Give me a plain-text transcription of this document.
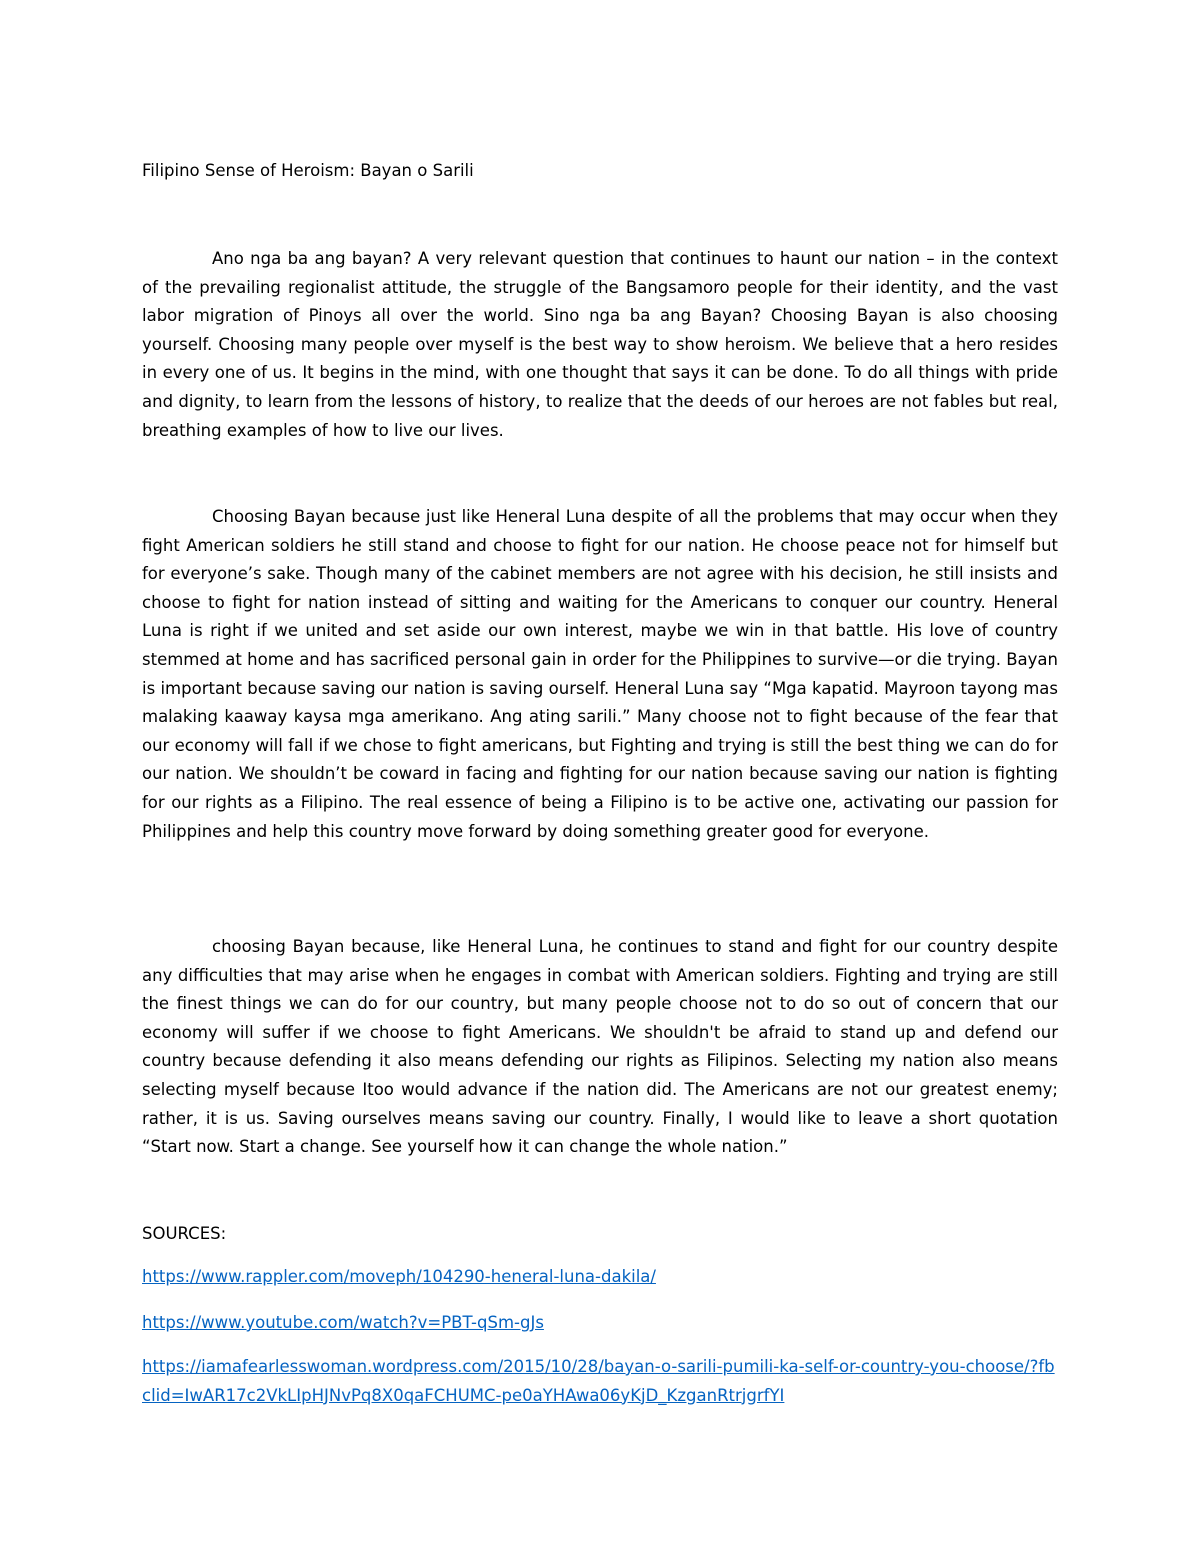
Filipino Sense of Heroism: Bayan o Sarili

Ano nga ba ang bayan? A very relevant question that continues to haunt our nation – in the context of the prevailing regionalist attitude, the struggle of the Bangsamoro people for their identity, and the vast labor migration of Pinoys all over the world. Sino nga ba ang Bayan? Choosing Bayan is also choosing yourself. Choosing many people over myself is the best way to show heroism. We believe that a hero resides in every one of us. It begins in the mind, with one thought that says it can be done. To do all things with pride and dignity, to learn from the lessons of history, to realize that the deeds of our heroes are not fables but real, breathing examples of how to live our lives.

Choosing Bayan because just like Heneral Luna despite of all the problems that may occur when they fight American soldiers he still stand and choose to fight for our nation. He choose peace not for himself but for everyone’s sake. Though many of the cabinet members are not agree with his decision, he still insists and choose to fight for nation instead of sitting and waiting for the Americans to conquer our country. Heneral Luna is right if we united and set aside our own interest, maybe we win in that battle. His love of country stemmed at home and has sacrificed personal gain in order for the Philippines to survive—or die trying. Bayan is important because saving our nation is saving ourself. Heneral Luna say “Mga kapatid. Mayroon tayong mas malaking kaaway kaysa mga amerikano. Ang ating sarili.” Many choose not to fight because of the fear that our economy will fall if we chose to fight americans, but Fighting and trying is still the best thing we can do for our nation. We shouldn’t be coward in facing and fighting for our nation because saving our nation is fighting for our rights as a Filipino. The real essence of being a Filipino is to be active one, activating our passion for Philippines and help this country move forward by doing something greater good for everyone.

choosing Bayan because, like Heneral Luna, he continues to stand and fight for our country despite any difficulties that may arise when he engages in combat with American soldiers. Fighting and trying are still the finest things we can do for our country, but many people choose not to do so out of concern that our economy will suffer if we choose to fight Americans. We shouldn't be afraid to stand up and defend our country because defending it also means defending our rights as Filipinos. Selecting my nation also means selecting myself because Itoo would advance if the nation did. The Americans are not our greatest enemy; rather, it is us. Saving ourselves means saving our country. Finally, I would like to leave a short quotation “Start now. Start a change. See yourself how it can change the whole nation.”

SOURCES:
https://www.rappler.com/moveph/104290-heneral-luna-dakila/
https://www.youtube.com/watch?v=PBT-qSm-gJs
https://iamafearlesswoman.wordpress.com/2015/10/28/bayan-o-sarili-pumili-ka-self-or-country-you-choose/?fbclid=IwAR17c2VkLIpHJNvPq8X0qaFCHUMC-pe0aYHAwa06yKjD_KzganRtrjgrfYI
